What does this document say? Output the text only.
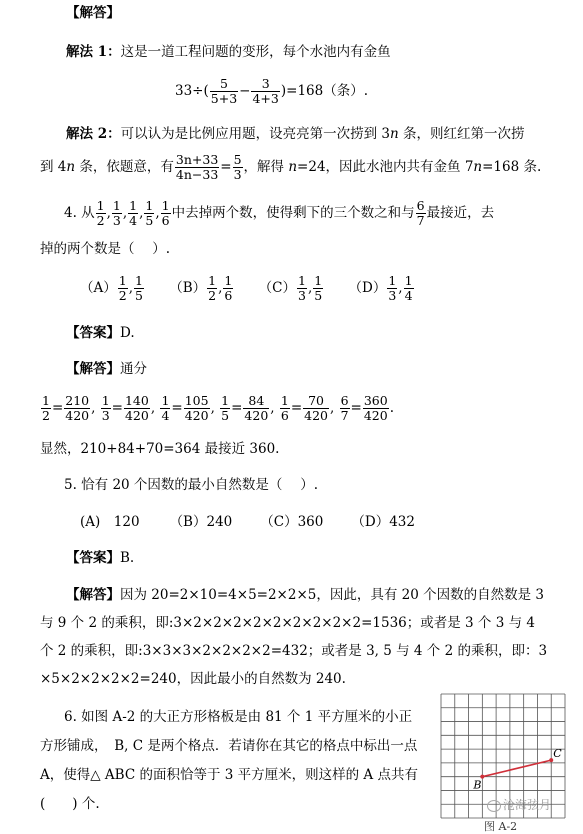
【解答】
解法 1：这是一道工程问题的变形，每个水池内有金鱼
$33\div( \frac{5}{5+3} - \frac{3}{4+3} )=168$（条）.
解法 2：可以认为是比例应用题，设亮亮第一次捞到 3n 条，则红红第一次捞
到 4n 条，依题意，有 $\frac{3n+33}{4n-33} = \frac{5}{3}$ ，解得 n=24，因此水池内共有金鱼 7n=168 条.
4. 从 $\frac{1}{2}$ , $\frac{1}{3}$ , $\frac{1}{4}$ , $\frac{1}{5}$ , $\frac{1}{6}$ 中去掉两个数，使得剩下的三个数之和与 $\frac{6}{7}$ 最接近，去
掉的两个数是（　 ）.
$(A) \frac{1}{2}$ , $\frac{1}{5} (B) \frac{1}{2}$ , $\frac{1}{6} (C) \frac{1}{3}$ , $\frac{1}{5} (D) \frac{1}{3}$ , $\frac{1}{4}$
【答案】D.
【解答】通分
$\frac{1}{2} = \frac{210}{420}$ , $\frac{1}{3} = \frac{140}{420}$ , $\frac{1}{4} = \frac{105}{420}$ , $\frac{1}{5} = \frac{84}{420}$ , $\frac{1}{6} = \frac{70}{420}$ , $\frac{6}{7} = \frac{360}{420}$ .
显然，210+84+70=364 最接近 360.
5. 恰有 20 个因数的最小自然数是（　 ）.
(A)　120 （B）240 （C）360 （D）432
【答案】B.
【解答】因为 20=2×10=4×5=2×2×5，因此，具有 20 个因数的自然数是 3
与 9 个 2 的乘积，即:3×2×2×2×2×2×2×2×2×2=1536；或者是 3 个 3 与 4
个 2 的乘积，即:3×3×3×2×2×2×2=432；或者是 3, 5 与 4 个 2 的乘积，即：3
×5×2×2×2×2=240，因此最小的自然数为 240.
6. 如图 A-2 的大正方形格板是由 81 个 1 平方厘米的小正
方形铺成，　B, C 是两个格点．若请你在其它的格点中标出一点
A，使得△ ABC 的面积恰等于 3 平方厘米，则这样的 A 点共有
(　　) 个.
B
C
沧海弦月
图 A-2
